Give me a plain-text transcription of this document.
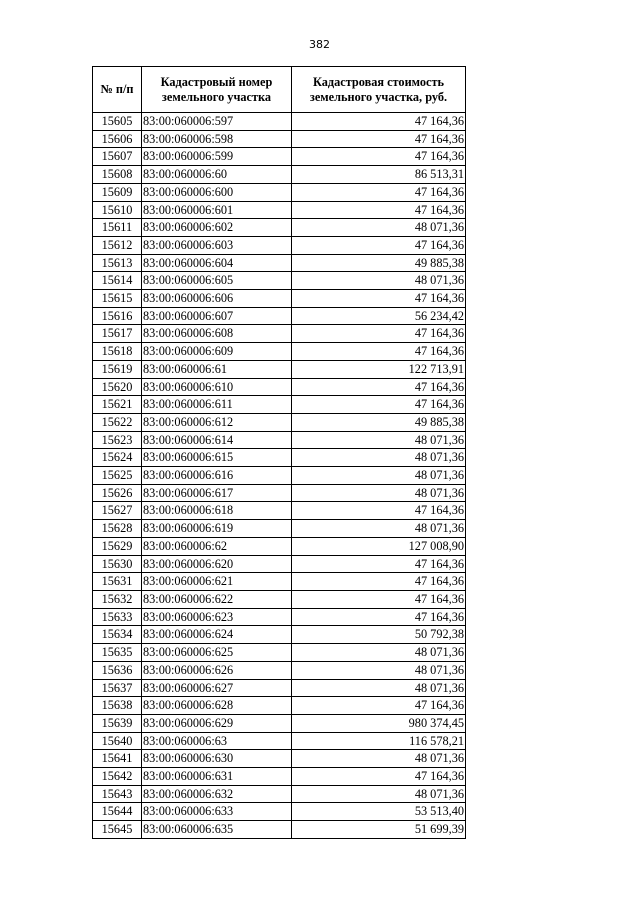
382
№ п/п	Кадастровый номер земельного участка	Кадастровая стоимость земельного участка, руб.
15605	83:00:060006:597	47 164,36
15606	83:00:060006:598	47 164,36
15607	83:00:060006:599	47 164,36
15608	83:00:060006:60	86 513,31
15609	83:00:060006:600	47 164,36
15610	83:00:060006:601	47 164,36
15611	83:00:060006:602	48 071,36
15612	83:00:060006:603	47 164,36
15613	83:00:060006:604	49 885,38
15614	83:00:060006:605	48 071,36
15615	83:00:060006:606	47 164,36
15616	83:00:060006:607	56 234,42
15617	83:00:060006:608	47 164,36
15618	83:00:060006:609	47 164,36
15619	83:00:060006:61	122 713,91
15620	83:00:060006:610	47 164,36
15621	83:00:060006:611	47 164,36
15622	83:00:060006:612	49 885,38
15623	83:00:060006:614	48 071,36
15624	83:00:060006:615	48 071,36
15625	83:00:060006:616	48 071,36
15626	83:00:060006:617	48 071,36
15627	83:00:060006:618	47 164,36
15628	83:00:060006:619	48 071,36
15629	83:00:060006:62	127 008,90
15630	83:00:060006:620	47 164,36
15631	83:00:060006:621	47 164,36
15632	83:00:060006:622	47 164,36
15633	83:00:060006:623	47 164,36
15634	83:00:060006:624	50 792,38
15635	83:00:060006:625	48 071,36
15636	83:00:060006:626	48 071,36
15637	83:00:060006:627	48 071,36
15638	83:00:060006:628	47 164,36
15639	83:00:060006:629	980 374,45
15640	83:00:060006:63	116 578,21
15641	83:00:060006:630	48 071,36
15642	83:00:060006:631	47 164,36
15643	83:00:060006:632	48 071,36
15644	83:00:060006:633	53 513,40
15645	83:00:060006:635	51 699,39
